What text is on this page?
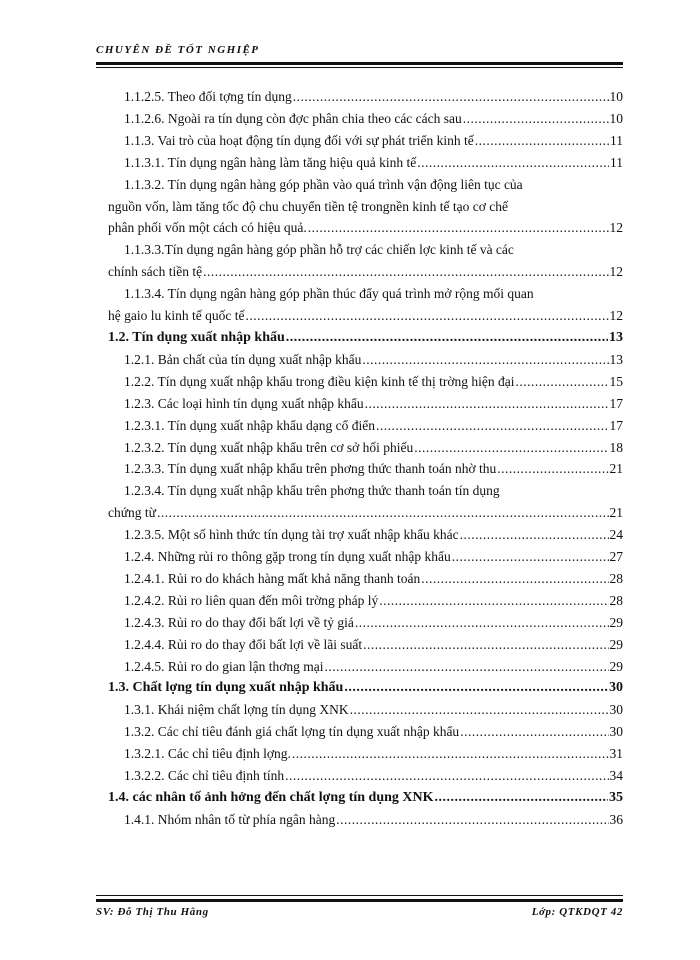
CHUYÊN ĐỀ TỐT NGHIỆP
1.1.2.5. Theo đối tợng tín dụng .....	10
1.1.2.6. Ngoài ra tín dụng còn đợc phân chia theo các cách sau .....	10
1.1.3. Vai trò của hoạt động tín dụng đối với sự phát triển kinh tế .....	11
1.1.3.1. Tín dụng ngân hàng làm tăng hiệu quả kinh tế .....	11
1.1.3.2. Tín dụng ngân hàng góp phần vào quá trình vận động liên tục của
nguồn vốn, làm tăng tốc độ chu chuyển tiền tệ trongnền kinh tế tạo cơ chế
phân phối vốn một cách có hiệu quả. .....	12
1.1.3.3.Tín dụng ngân hàng góp phần hỗ trợ các chiến lợc kinh tế và các
chính sách tiền tệ .....	12
1.1.3.4. Tín dụng ngân hàng góp phần thúc đẩy quá trình mở rộng mối quan
hệ gaio lu kinh tế quốc tế .....	12
1.2. Tín dụng xuất nhập khẩu .....	13
1.2.1. Bản chất của tín dụng xuất nhập khẩu .....	13
1.2.2. Tín dụng xuất nhập khẩu trong điều kiện kinh tế thị trờng hiện đại .....	15
1.2.3. Các loại hình tín dụng xuất nhập khẩu .....	17
1.2.3.1. Tín dụng xuất nhập khẩu dạng cổ điển .....	17
1.2.3.2. Tín dụng xuất nhập khẩu trên cơ sở hối phiếu .....	18
1.2.3.3. Tín dụng xuất nhập khẩu trên phơng thức thanh toán nhờ thu .....	21
1.2.3.4. Tín dụng xuất nhập khẩu trên phơng thức thanh toán tín dụng
chứng từ .....	21
1.2.3.5. Một số hình thức tín dụng tài trợ xuất nhập khẩu khác .....	24
1.2.4. Những rủi ro thông gặp trong tín dụng xuất nhập khẩu .....	27
1.2.4.1. Rủi ro do khách hàng mất khả năng thanh toán .....	28
1.2.4.2. Rủi ro liên quan đến môi trờng pháp lý .....	28
1.2.4.3. Rủi ro do thay đổi bất lợi về tỷ giá .....	29
1.2.4.4. Rủi ro do thay đổi bất lợi về lãi suất .....	29
1.2.4.5. Rủi ro do gian lận thơng mại .....	29
1.3. Chất lợng tín dụng xuất nhập khẩu .....	30
1.3.1. Khái niệm chất lợng tín dụng XNK .....	30
1.3.2. Các chỉ tiêu đánh giá chất lợng tín dụng xuất nhập khẩu .....	30
1.3.2.1. Các chỉ tiêu định lợng. .....	31
1.3.2.2. Các chỉ tiêu định tính .....	34
1.4. các nhân tố ảnh hởng đến chất lợng tín dụng XNK .....	35
1.4.1. Nhóm nhân tố từ phía ngân hàng .....	36
SV: Đỗ Thị Thu Hằng	Lớp: QTKDQT 42
